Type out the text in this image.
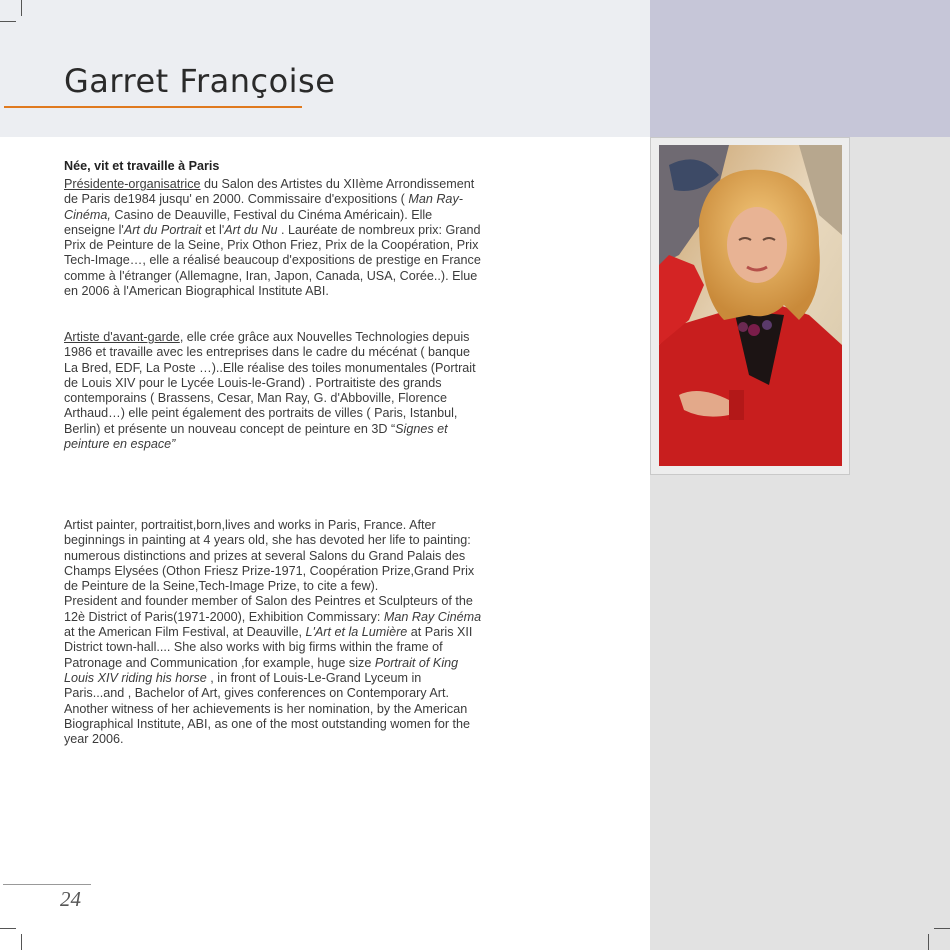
Garret Françoise

Née, vit et travaille à Paris

Présidente-organisatrice du Salon des Artistes du XIIème Arrondissement de Paris de1984 jusqu' en 2000. Commissaire d'expositions ( Man Ray-Cinéma, Casino de Deauville, Festival du Cinéma Américain). Elle enseigne l'Art du Portrait et l'Art du Nu . Lauréate de nombreux prix: Grand Prix de Peinture de la Seine, Prix Othon Friez, Prix de la Coopération, Prix Tech-Image…, elle a réalisé beaucoup d'expositions de prestige en France comme à l'étranger (Allemagne, Iran, Japon, Canada, USA, Corée..). Elue en 2006 à l'American Biographical Institute ABI.
Artiste d'avant-garde, elle crée grâce aux Nouvelles Technologies depuis 1986 et travaille avec les entreprises dans le cadre du mécénat ( banque La Bred, EDF, La Poste …)..Elle réalise des toiles monumentales (Portrait de Louis XIV pour le Lycée Louis-le-Grand) . Portraitiste des grands contemporains ( Brassens, Cesar, Man Ray, G. d'Abboville, Florence Arthaud…) elle peint également des portraits de villes ( Paris, Istanbul, Berlin) et présente un nouveau concept de peinture en 3D “Signes et peinture en espace”

Artist painter, portraitist,born,lives and works in Paris, France. After beginnings in painting at 4 years old, she has devoted her life to painting: numerous distinctions and prizes at several Salons du Grand Palais des Champs Elysées (Othon Friesz Prize-1971, Coopération Prize,Grand Prix de Peinture de la Seine,Tech-Image Prize, to cite a few).

President and founder member of Salon des Peintres et Sculpteurs of the 12è District of Paris(1971-2000), Exhibition Commissary: Man Ray Cinéma at the American Film Festival, at Deauville, L'Art et la Lumière at Paris XII District town-hall.... She also works with big firms within the frame of Patronage and Communication ,for example, huge size Portrait of King Louis XIV riding his horse , in front of Louis-Le-Grand Lyceum in Paris...and , Bachelor of Art, gives conferences on Contemporary Art.

Another witness of her achievements is her nomination, by the American Biographical Institute, ABI, as one of the most outstanding women for the year 2006.

24
